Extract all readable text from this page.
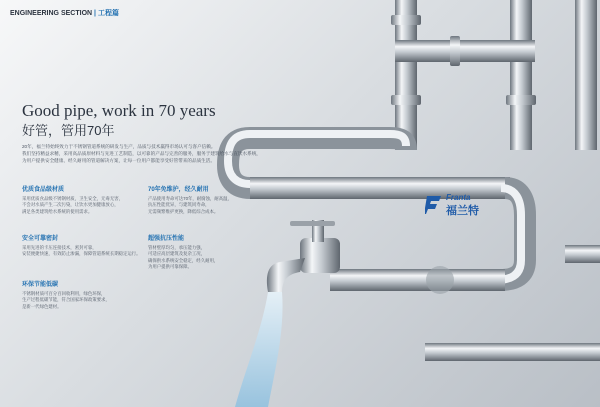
ENGINEERING SECTION | 工程篇
Good pipe, work in 70 years
好管，管用70年
20年，福兰特始终致力于不锈钢管道系统的研发与生产，品质与技术赢得市场认可与客户信赖。
我们坚持精益求精，采用高品质原材料与先进工艺制造，以可靠的产品与完善的服务，服务于建筑给水与直饮水系统，
为用户提供安全健康、经久耐用的管道解决方案，让每一位用户都能享受好管带来的品质生活。
优质食品级材质
采用优质食品级不锈钢材质，卫生安全，无毒无害，
不会对水质产生二次污染，让饮水更加健康放心，
满足各类建筑给水系统的使用需求。
70年免维护，经久耐用
产品使用寿命可达70年，耐腐蚀，耐高温，
抗压性能优异，与建筑同寿命，
无需频繁维护更换，降低综合成本。
安全可靠密封
采用先进的卡压连接技术，密封可靠，
安装便捷快速，有效防止渗漏，保障管道系统长期稳定运行。
超强抗压性能
管材壁厚均匀，承压能力强，
可适应高层建筑及复杂工况，
确保供水系统安全稳定，经久耐用，
为用户提供可靠保障。
环保节能低碳
不锈钢材质可百分百回收利用，绿色环保，
生产过程低碳节能，符合国家环保政策要求，
是新一代绿色建材。
Franta
福兰特
